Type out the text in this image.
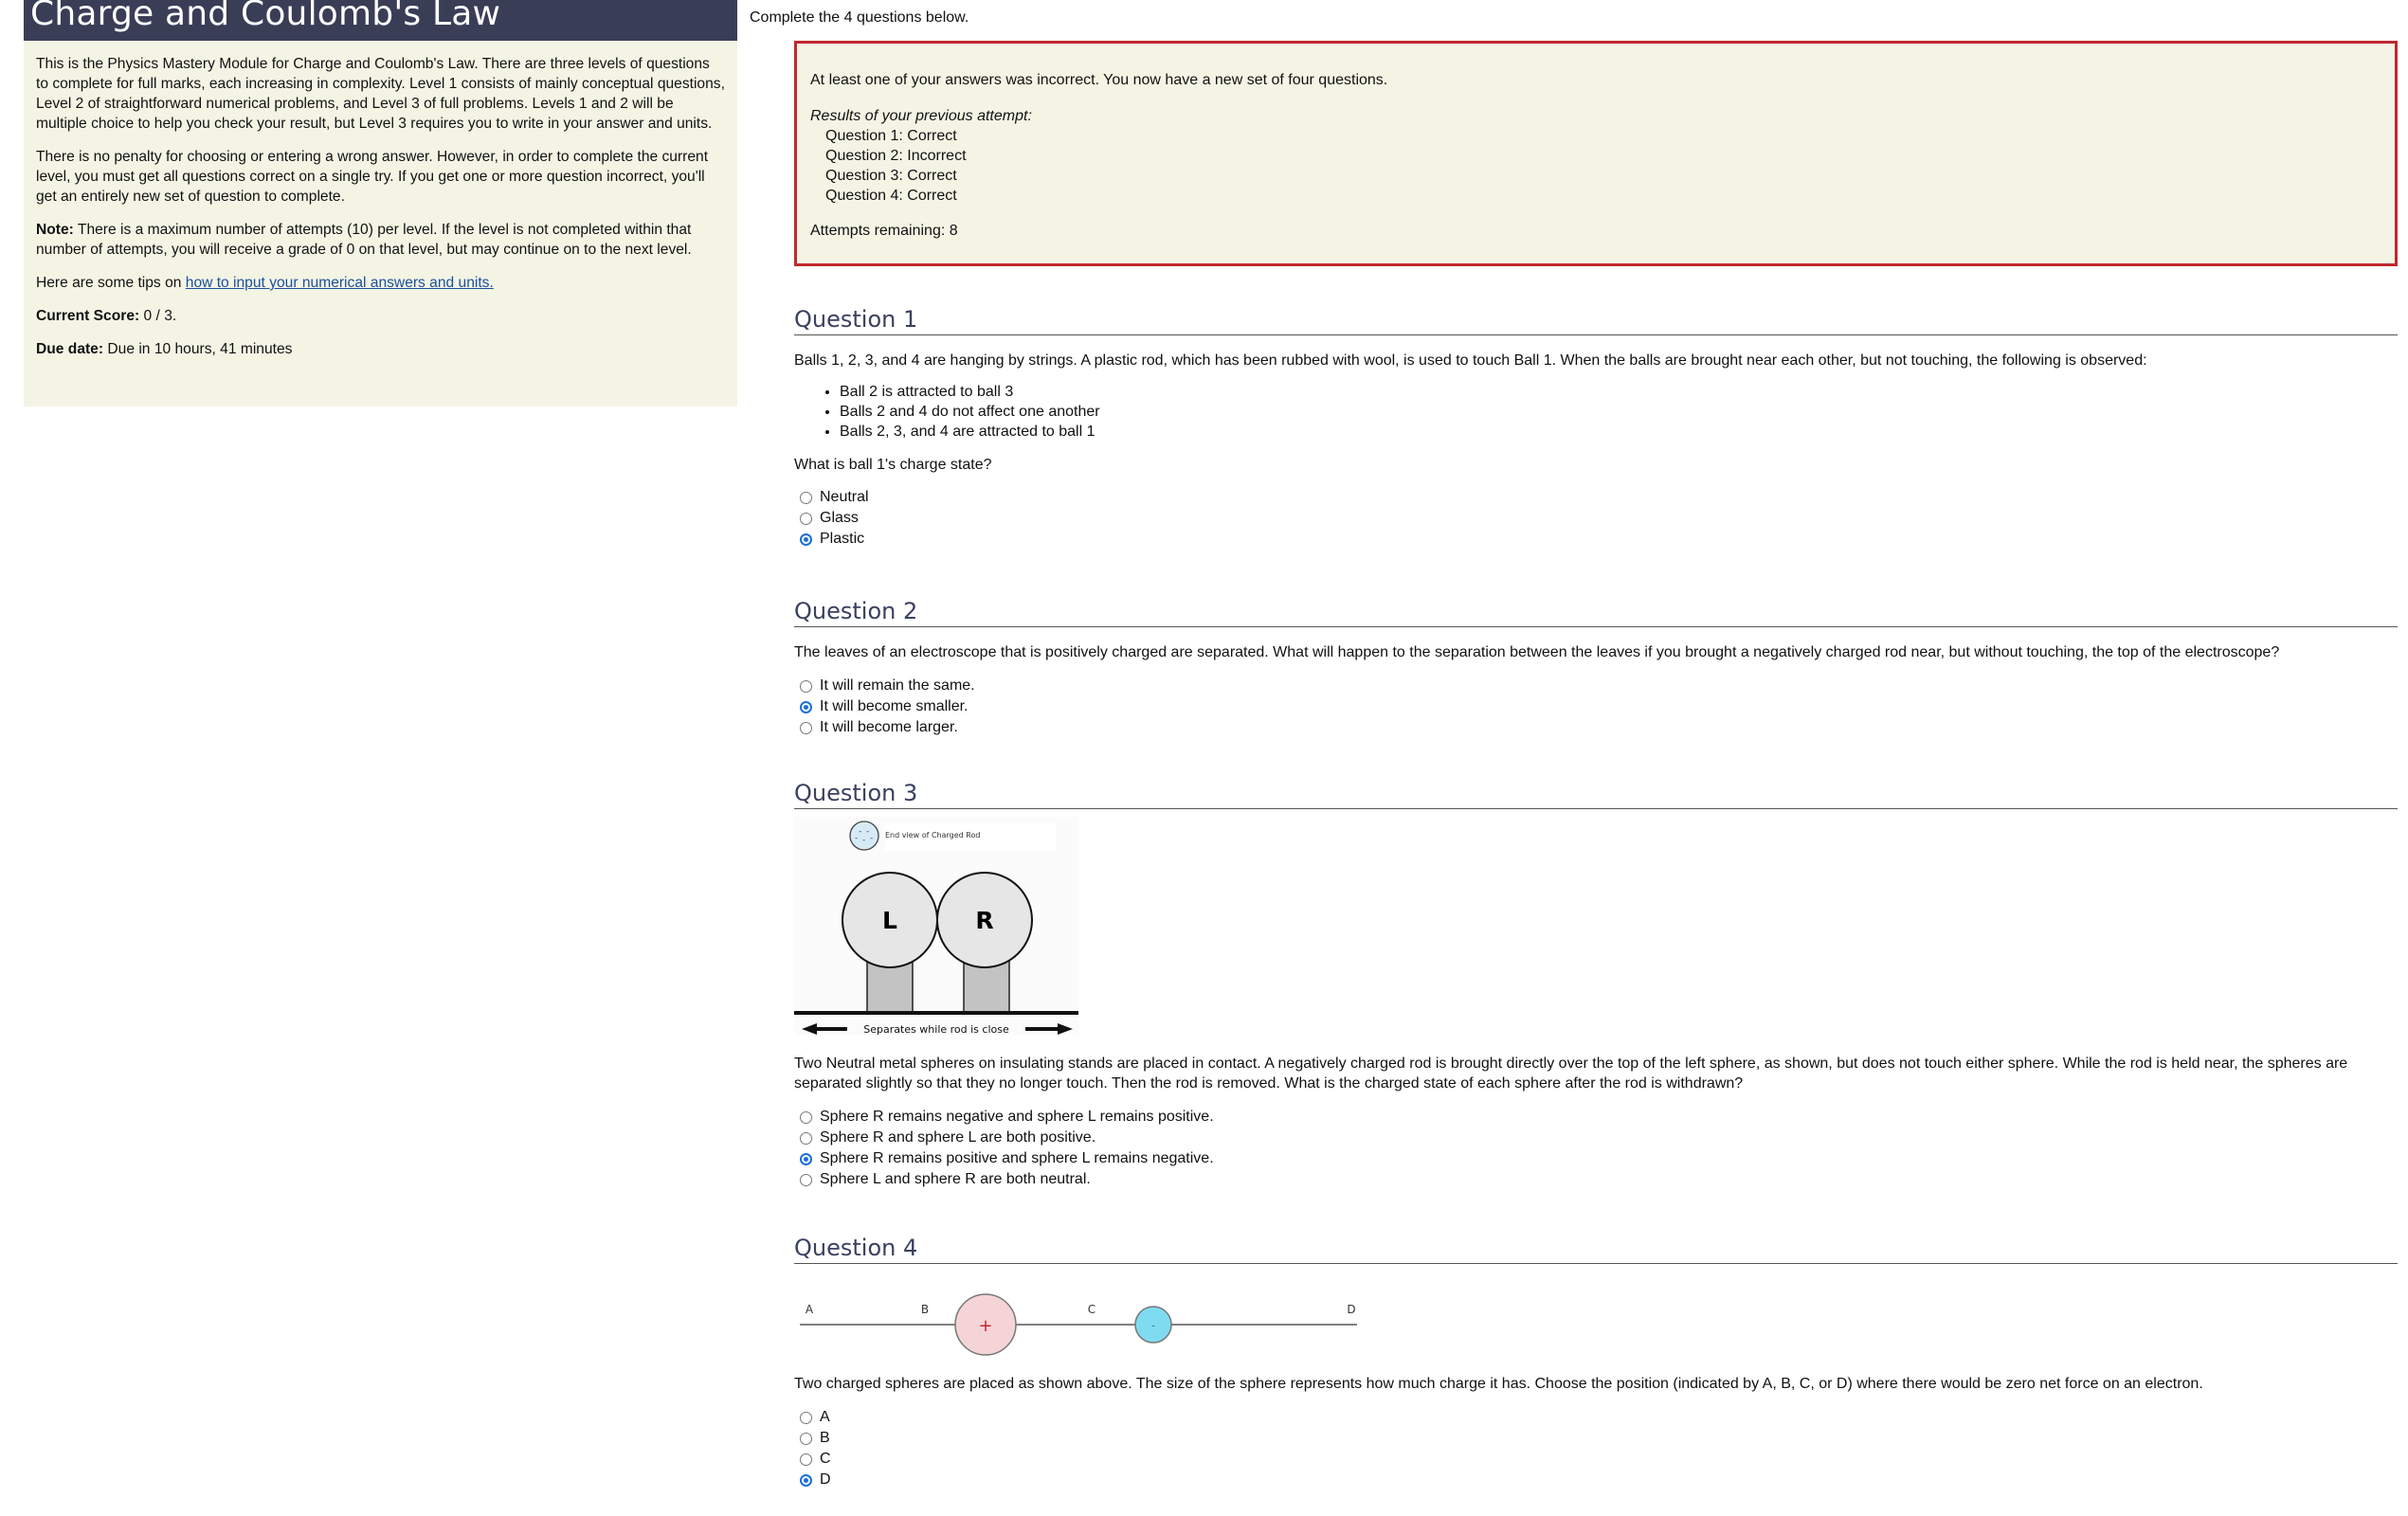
Charge and Coulomb's Law

This is the Physics Mastery Module for Charge and Coulomb's Law. There are three levels of questions to complete for full marks, each increasing in complexity. Level 1 consists of mainly conceptual questions, Level 2 of straightforward numerical problems, and Level 3 of full problems. Levels 1 and 2 will be multiple choice to help you check your result, but Level 3 requires you to write in your answer and units.

There is no penalty for choosing or entering a wrong answer. However, in order to complete the current level, you must get all questions correct on a single try. If you get one or more question incorrect, you'll get an entirely new set of question to complete.

Note: There is a maximum number of attempts (10) per level. If the level is not completed within that number of attempts, you will receive a grade of 0 on that level, but may continue on to the next level.

Here are some tips on how to input your numerical answers and units.

Current Score: 0 / 3.

Due date: Due in 10 hours, 41 minutes

Complete the 4 questions below.
At least one of your answers was incorrect. You now have a new set of four questions.
Results of your previous attempt:
Question 1: Correct
Question 2: Incorrect
Question 3: Correct
Question 4: Correct
Attempts remaining: 8
Question 1
Balls 1, 2, 3, and 4 are hanging by strings. A plastic rod, which has been rubbed with wool, is used to touch Ball 1. When the balls are brought near each other, but not touching, the following is observed:
• Ball 2 is attracted to ball 3
• Balls 2 and 4 do not affect one another
• Balls 2, 3, and 4 are attracted to ball 1
What is ball 1's charge state?
Neutral
Glass
Plastic
Question 2
The leaves of an electroscope that is positively charged are separated. What will happen to the separation between the leaves if you brought a negatively charged rod near, but without touching, the top of the electroscope?
It will remain the same.
It will become smaller.
It will become larger.
Question 3
- -
- - - End view of Charged Rod
L	R
Separates while rod is close
Two Neutral metal spheres on insulating stands are placed in contact. A negatively charged rod is brought directly over the top of the left sphere, as shown, but does not touch either sphere. While the rod is held near, the spheres are separated slightly so that they no longer touch. Then the rod is removed. What is the charged state of each sphere after the rod is withdrawn?
Sphere R remains negative and sphere L remains positive.
Sphere R and sphere L are both positive.
Sphere R remains positive and sphere L remains negative.
Sphere L and sphere R are both neutral.
Question 4
A	B	C	D
+	-
Two charged spheres are placed as shown above. The size of the sphere represents how much charge it has. Choose the position (indicated by A, B, C, or D) where there would be zero net force on an electron.
A
B
C
D
